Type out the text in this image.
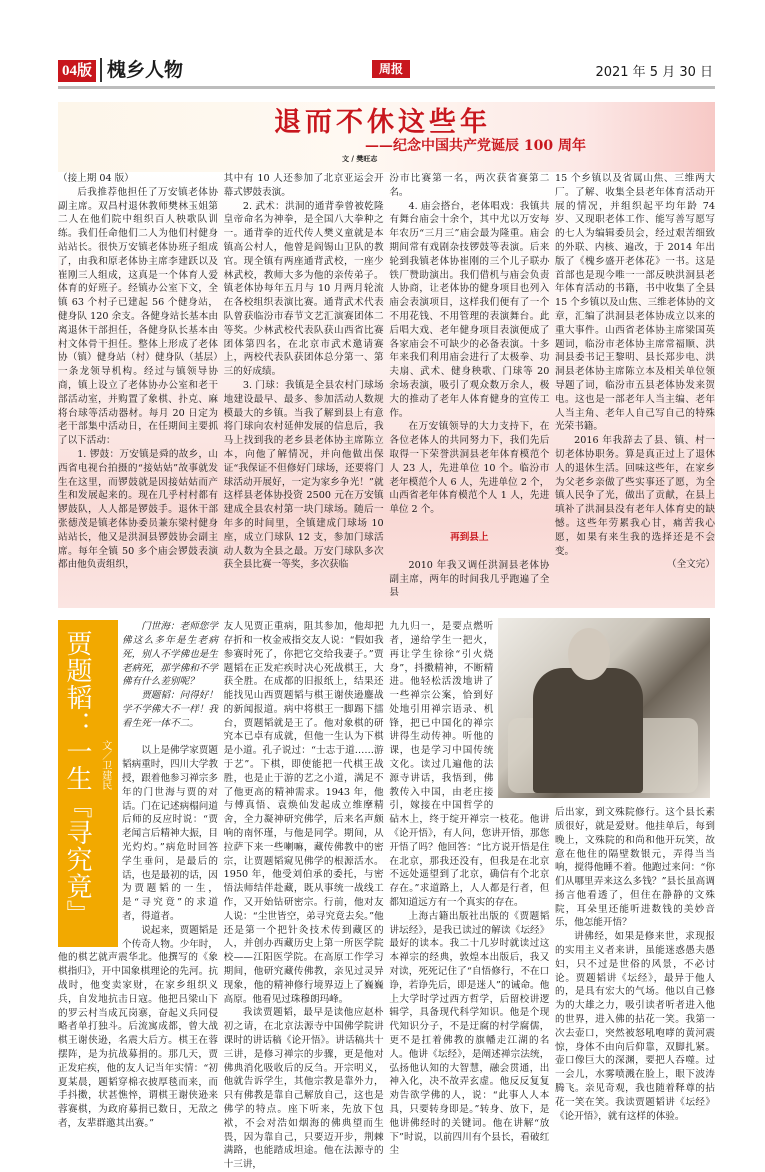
04版 槐乡人物	周报	2021 年 5 月 30 日
退而不休这些年
——纪念中国共产党诞辰 100 周年
文 / 樊旺志

（接上期 04 版）

后我推荐他担任了万安镇老体协副主席。双昌村退休教师樊林玉姐第二人在他们院中组织百人秧歌队训练。我们任命他们二人为他们村健身站站长。很快万安镇老体协班子组成了，由我和原老体协主席李建跃以及崔刚三人组成，这真是一个体育人爱体育的好班子。经镇办公室下文，全镇 63 个村子已建起 56 个健身站，健身队 120 余支。各健身站长基本由离退休干部担任，各健身队长基本由村文体骨干担任。整体上形成了老体协（镇）健身站（村）健身队（基层）一条龙领导机构。经过与镇领导协商，镇上设立了老体协办公室和老干部活动室，并购置了象棋、扑克、麻将台球等活动器材。每月 20 日定为老干部集中活动日，在任期间主要抓了以下活动：

1. 锣鼓：万安镇是舜的故乡，山西省电视台拍摄的“接姑姑”故事就发生在这里，而锣鼓就是因接姑姑而产生和发展起来的。现在几乎村村都有锣鼓队，人人都是锣鼓手。退休干部张德茂是镇老体协委员兼东梁村健身站站长，他又是洪洞县锣鼓协会副主席。每年全镇 50 多个庙会锣鼓表演都由他负责组织，

其中有 10 人还参加了北京亚运会开幕式锣鼓表演。

2. 武术：洪洞的通背拳曾被乾隆皇帝命名为神拳，是全国八大拳种之一。通背拳的近代传人樊义童就是本镇高公村人，他曾是阎锡山卫队的教官。现全镇有两座通背武校，一座少林武校，教师大多为他的亲传弟子。镇老体协每年五月与 10 月两月轮流在各校组织表演比赛。通背武术代表队曾获临汾市春节文艺汇演赛团体二等奖。少林武校代表队获山西省比赛团体第四名，在北京市武术邀请赛上，两校代表队获团体总分第一、第三的好成绩。

3. 门球：我镇是全县农村门球场地建设最早、最多、参加活动人数规模最大的乡镇。当我了解到县上有意将门球向农村延伸发展的信息后，我马上找到我的老乡县老体协主席陈立本，向他了解情况，并向他做出保证“我保证不但修好门球场，还要将门球活动开展好，一定为家乡争光！”就这样县老体协投资 2500 元在万安镇建成全县农村第一块门球场。随后一年多的时间里，全镇建成门球场 10 座，成立门球队 12 支，参加门球活动人数为全县之最。万安门球队多次获全县比赛一等奖，多次获临

汾市比赛第一名，两次获省赛第二名。

4. 庙会搭台，老体唱戏：我镇共有舞台庙会十余个，其中尤以万安每年农历“三月三”庙会最为隆重。庙会期间常有戏剧杂技锣鼓等表演。后来轮到我镇老体协崔刚的三个儿子联办铁厂赞助演出。我们借机与庙会负责人协商，让老体协的健身项目也列入庙会表演项目，这样我们便有了一个不用花钱、不用管理的表演舞台。此后唱大戏、老年健身项目表演便成了各家庙会不可缺少的必备表演。十多年来我们利用庙会进行了太极拳、功夫扇、武术、健身秧歌、门球等 20 余场表演，吸引了观众数万余人，极大的推动了老年人体育健身的宣传工作。

在万安镇领导的大力支持下，在各位老体人的共同努力下，我们先后取得一下荣誉洪洞县老年体育模范个人 23 人，先进单位 10 个。临汾市老年模范个人 6 人，先进单位 2 个，山西省老年体育模范个人 1 人，先进单位 2 个。

再到县上

2010 年我又调任洪洞县老体协副主席，两年的时间我几乎跑遍了全县

15 个乡镇以及省属山焦、三维两大厂。了解、收集全县老年体育活动开展的情况，并组织起平均年龄 74 岁、又现职老体工作、能写善写愿写的七人为编辑委员会，经过艰苦细致的外联、内核、遍改，于 2014 年出版了《槐乡盛开老体花》一书。这是首部也是现今唯一一部反映洪洞县老年体育活动的书籍，书中收集了全县 15 个乡镇以及山焦、三维老体协的文章，汇编了洪洞县老体协成立以来的重大事件。山西省老体协主席梁国英题词，临汾市老体协主席常福顺、洪洞县委书记王黎明、县长郑步电、洪洞县老体协主席陈立本及相关单位领导题了词，临汾市五县老体协发来贺电。这也是一部老年人当主编、老年人当主角、老年人自己写自己的特殊光荣书籍。

2016 年我辞去了县、镇、村一切老体协职务。算是真正过上了退休人的退休生活。回味这些年，在家乡为父老乡亲做了些实事还了愿，为全镇人民争了光，做出了贡献，在县上填补了洪洞县没有老年人体育史的缺憾。这些年劳累我心甘，痛苦我心愿，如果有来生我的选择还是不会变。

（全文完）

贾题韬：一生『寻究竟』 文／卫建民

门世海：老师您学佛这么多年是生老病死，别人不学佛也是生老病死，那学佛和不学佛有什么差别呢？

贾题韬：问得好！学不学佛大不一样！我看生死一体不二。

以上是佛学家贾题韬病重时，四川大学教授，跟着他参习禅宗多年的门世海与贾的对话。门在记述病榻问道后师的反应时说：“贾老闻言后精神大振，目光灼灼。”病危时回答学生垂问，是最后的话，也是最初的话，因为贾题韬的一生，是“寻究竟”的求道者，得道者。

说起来，贾题韬是个传奇人物。少年时，他的棋艺就声震华北。他撰写的《象棋指归》，开中国象棋理论的先河。抗战时，他变卖家财，在家乡组织义兵，自发地抗击日寇。他把吕梁山下的罗云村当成瓦岗寨，奋起义兵同侵略者单打独斗。后流寓成都，曾大战棋王谢侠逊，名震大后方。棋王在蓉摆阵，是为抗战募捐的。那几天，贾正发疟疾，他的友人记当年实情：“初夏某晨，题韬穿棉衣披厚毯而来，而手抖擞，状甚憔悴，谓棋王谢侠逊来蓉赛棋，为政府募捐已数日，无敌之者，友辈群邀其出赛。”

友人见贾正重病，阻其参加，他却把存折和一枚金戒指交友人说：“假如我参赛时死了，你把它交给我妻子。”贾题韬在正发疟疾时决心死战棋王，大获全胜。在成都的旧报纸上，结果还能找见山西贾题韬与棋王谢侠逊鏖战的新闻报道。病中将棋王一脚踢下擂台，贾题韬就是王了。他对象棋的研究本已卓有成就，但他一生认为下棋是小道。孔子说过：“士志于道……游于艺”。下棋，即使能把一代棋王战胜，也是止于游的艺之小道，满足不了他更高的精神需求。1943 年，他与傅真悟、袁焕仙发起成立维摩精舍，全力凝神研究佛学，后来名声颇响的南怀瑾，与他是同学。期间，从拉萨下来一些喇嘛，藏传佛教中的密宗，让贾题韬窥见佛学的根源活水。1950 年，他受刘伯承的委托，与密悟法师结伴赴藏，既从事统一战线工作，又开始钻研密宗。行前，他对友人说：“尘世皆空，弟寻究竟去矣。”他还是第一个把针灸技术传到藏区的人，并创办西藏历史上第一所医学院校——江阳医学院。在高原工作学习期间，他研究藏传佛教，亲见过灵异现象，他的精神修行境界迈上了巍巍高原。他看见过珠穆朗玛峰。

我读贾题韬，最早是读他应赵朴初之请，在北京法源寺中国佛学院讲课时的讲话稿《论开悟》。讲话稿共十三讲，是修习禅宗的步骤，更是他对佛典消化吸收后的反刍。开宗明义，他就告诉学生，其他宗教是靠外力，只有佛教是靠自己解放自己，这也是佛学的特点。座下听来，先放下包袱，不会对浩如烟海的佛典望而生畏，因为靠自己，只要迈开步，荆棘满路，也能踏成坦途。他在法源寺的十三讲，

九九归一，是要点燃听者，递给学生一把火，再让学生徐徐“引火烧身”，抖擞精神，不断精进。他轻松活泼地讲了一些禅宗公案，恰到好处地引用禅宗语录、机锋，把已中国化的禅宗讲得生动传神。听他的课，也是学习中国传统文化。读过几遍他的法源寺讲话，我悟到，佛教传入中国，由老庄接引，嫁接在中国哲学的砧木上，终于绽开禅宗一枝花。他讲《论开悟》，有人问，您讲开悟，那您开悟了吗？他回答：“比方说开悟是住在北京，那我还没有，但我是在北京不远处遥望到了北京，确信有个北京存在。”求道路上，人人都是行者，但都知道远方有一个真实的存在。

上海古籍出版社出版的《贾题韬讲坛经》，是我已读过的解读《坛经》最好的读本。我二十几岁时就读过这本禅宗的经典，敦煌本出版后，我又对读，死死记住了“自悟修行，不在口诤，若诤先后，即是迷人”的诫命。他上大学时学过西方哲学，后留校讲逻辑学，具备现代科学知识。他是个现代知识分子，不是迂腐的村学腐儒，更不是扛着佛教的旗幡走江湖的名人。他讲《坛经》，是阐述禅宗法统，弘扬他认知的大智慧，融会贯通，出神入化，决不故弄玄虚。他反反复复劝告欲学佛的人，说：“此事人人本具，只要转身即是。”转身、放下，是他讲佛经时的关键词。他在讲解“放下”时说，以前四川有个县长，看破红尘

后出家，到文殊院修行。这个县长素质很好，就是爱财。他挂单后，每到晚上，文殊院的和尚和他开玩笑，故意在他住的隔壁数银元，弄得当当响，搅得他睡不着。他跑过来问：“你们从哪里弄来这么多钱？”县长虽高调扬言他看透了，但住在静静的文殊院，耳朵里还能听进数钱的美妙音乐，他怎能开悟？

讲佛经，如果是修来世，求现报的实用主义者来讲，虽能迷惑愚夫愚妇，只不过是世俗的风景，不必讨论。贾题韬讲《坛经》，最异于他人的，是具有宏大的气场。他以自己修为的大雄之力，吸引读者听者进入他的世界，进入佛的拈花一笑。我第一次去壶口，突然被怒吼咆哮的黄河震惊，身体不由向后仰靠，双脚扎紧。壶口像巨大的深渊，要把人吞噬。过一会儿，水雾喷溅在脸上，眼下波涛腾飞。亲见奇观，我也随着释尊的拈花一笑在笑。我读贾题韬讲《坛经》《论开悟》，就有这样的体验。
